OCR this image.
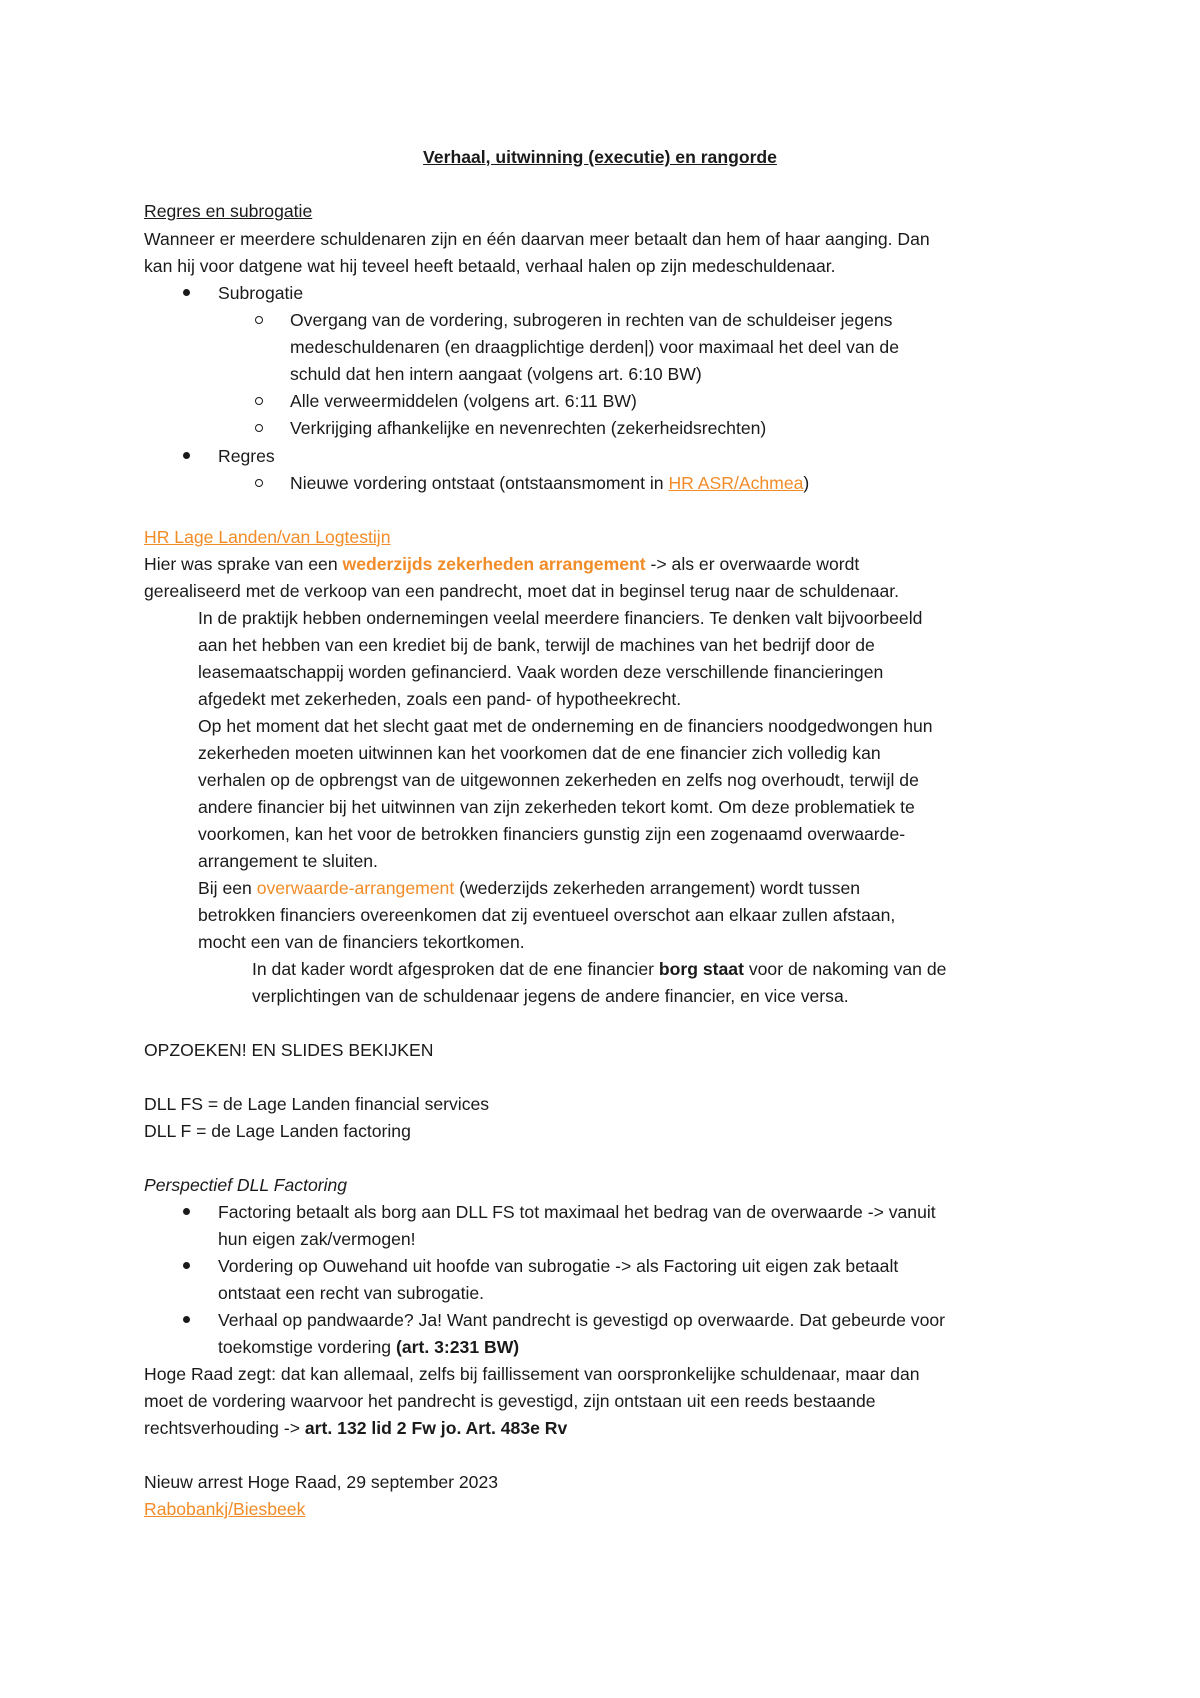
Verhaal, uitwinning (executie) en rangorde
Regres en subrogatie
Wanneer er meerdere schuldenaren zijn en één daarvan meer betaalt dan hem of haar aanging. Dan
kan hij voor datgene wat hij teveel heeft betaald, verhaal halen op zijn medeschuldenaar.
Subrogatie
Overgang van de vordering, subrogeren in rechten van de schuldeiser jegens
medeschuldenaren (en draagplichtige derden|) voor maximaal het deel van de
schuld dat hen intern aangaat (volgens art. 6:10 BW)
Alle verweermiddelen (volgens art. 6:11 BW)
Verkrijging afhankelijke en nevenrechten (zekerheidsrechten)
Regres
Nieuwe vordering ontstaat (ontstaansmoment in HR ASR/Achmea)
HR Lage Landen/van Logtestijn
Hier was sprake van een wederzijds zekerheden arrangement -> als er overwaarde wordt
gerealiseerd met de verkoop van een pandrecht, moet dat in beginsel terug naar de schuldenaar.
In de praktijk hebben ondernemingen veelal meerdere financiers. Te denken valt bijvoorbeeld
aan het hebben van een krediet bij de bank, terwijl de machines van het bedrijf door de
leasemaatschappij worden gefinancierd. Vaak worden deze verschillende financieringen
afgedekt met zekerheden, zoals een pand- of hypotheekrecht.
Op het moment dat het slecht gaat met de onderneming en de financiers noodgedwongen hun
zekerheden moeten uitwinnen kan het voorkomen dat de ene financier zich volledig kan
verhalen op de opbrengst van de uitgewonnen zekerheden en zelfs nog overhoudt, terwijl de
andere financier bij het uitwinnen van zijn zekerheden tekort komt. Om deze problematiek te
voorkomen, kan het voor de betrokken financiers gunstig zijn een zogenaamd overwaarde-
arrangement te sluiten.
Bij een overwaarde-arrangement (wederzijds zekerheden arrangement) wordt tussen
betrokken financiers overeenkomen dat zij eventueel overschot aan elkaar zullen afstaan,
mocht een van de financiers tekortkomen.
In dat kader wordt afgesproken dat de ene financier borg staat voor de nakoming van de
verplichtingen van de schuldenaar jegens de andere financier, en vice versa.
OPZOEKEN! EN SLIDES BEKIJKEN
DLL FS = de Lage Landen financial services
DLL F = de Lage Landen factoring
Perspectief DLL Factoring
Factoring betaalt als borg aan DLL FS tot maximaal het bedrag van de overwaarde -> vanuit
hun eigen zak/vermogen!
Vordering op Ouwehand uit hoofde van subrogatie -> als Factoring uit eigen zak betaalt
ontstaat een recht van subrogatie.
Verhaal op pandwaarde? Ja! Want pandrecht is gevestigd op overwaarde. Dat gebeurde voor
toekomstige vordering (art. 3:231 BW)
Hoge Raad zegt: dat kan allemaal, zelfs bij faillissement van oorspronkelijke schuldenaar, maar dan
moet de vordering waarvoor het pandrecht is gevestigd, zijn ontstaan uit een reeds bestaande
rechtsverhouding -> art. 132 lid 2 Fw jo. Art. 483e Rv
Nieuw arrest Hoge Raad, 29 september 2023
Rabobankj/Biesbeek
